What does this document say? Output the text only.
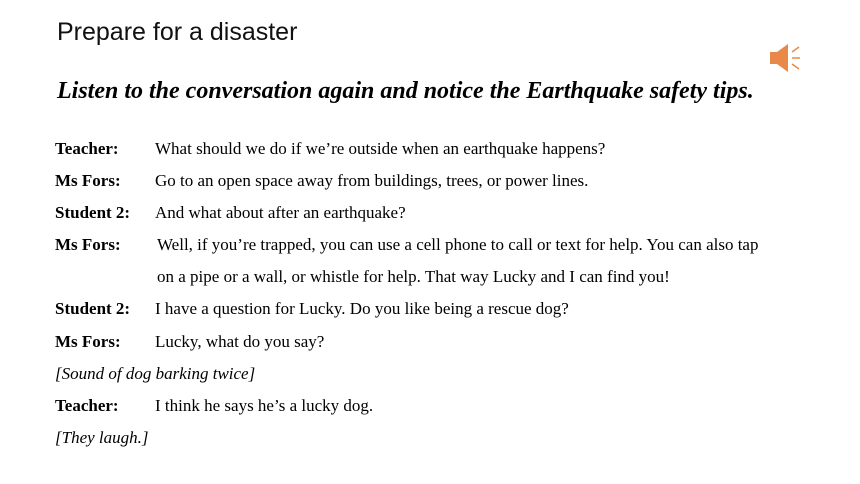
Prepare for a disaster
Listen to the conversation again and notice the Earthquake safety tips.
Teacher: What should we do if we’re outside when an earthquake happens?
Ms Fors: Go to an open space away from buildings, trees, or power lines.
Student 2: And what about after an earthquake?
Ms Fors: Well, if you’re trapped, you can use a cell phone to call or text for help. You can also tap
on a pipe or a wall, or whistle for help. That way Lucky and I can find you!
Student 2: I have a question for Lucky. Do you like being a rescue dog?
Ms Fors: Lucky, what do you say?
[Sound of dog barking twice]
Teacher: I think he says he’s a lucky dog.
[They laugh.]
